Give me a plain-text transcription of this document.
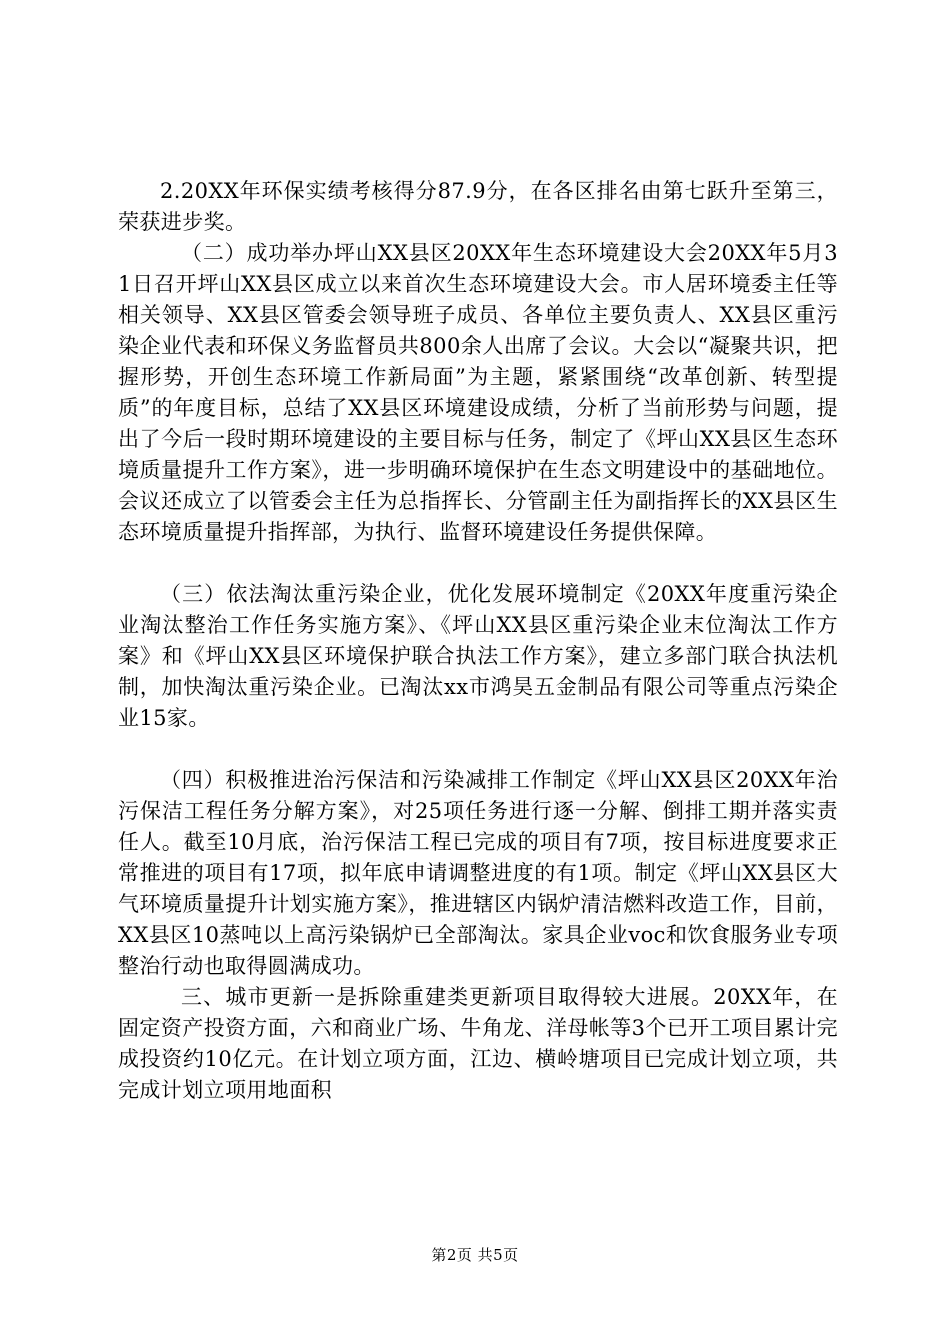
2.20XX年环保实绩考核得分87.9分，在各区排名由第七跃升至第三，荣获进步奖。

（二）成功举办坪山XX县区20XX年生态环境建设大会20XX年5月31日召开坪山XX县区成立以来首次生态环境建设大会。市人居环境委主任等相关领导、XX县区管委会领导班子成员、各单位主要负责人、XX县区重污染企业代表和环保义务监督员共800余人出席了会议。大会以“凝聚共识，把握形势，开创生态环境工作新局面”为主题，紧紧围绕“改革创新、转型提质”的年度目标，总结了XX县区环境建设成绩，分析了当前形势与问题，提出了今后一段时期环境建设的主要目标与任务，制定了《坪山XX县区生态环境质量提升工作方案》，进一步明确环境保护在生态文明建设中的基础地位。会议还成立了以管委会主任为总指挥长、分管副主任为副指挥长的XX县区生态环境质量提升指挥部，为执行、监督环境建设任务提供保障。

（三）依法淘汰重污染企业，优化发展环境制定《20XX年度重污染企业淘汰整治工作任务实施方案》、《坪山XX县区重污染企业末位淘汰工作方案》和《坪山XX县区环境保护联合执法工作方案》，建立多部门联合执法机制，加快淘汰重污染企业。已淘汰xx市鸿昊五金制品有限公司等重点污染企业15家。

（四）积极推进治污保洁和污染减排工作制定《坪山XX县区20XX年治污保洁工程任务分解方案》，对25项任务进行逐一分解、倒排工期并落实责任人。截至10月底，治污保洁工程已完成的项目有7项，按目标进度要求正常推进的项目有17项，拟年底申请调整进度的有1项。制定《坪山XX县区大气环境质量提升计划实施方案》，推进辖区内锅炉清洁燃料改造工作，目前，XX县区10蒸吨以上高污染锅炉已全部淘汰。家具企业voc和饮食服务业专项整治行动也取得圆满成功。

三、城市更新一是拆除重建类更新项目取得较大进展。20XX年，在固定资产投资方面，六和商业广场、牛角龙、洋母帐等3个已开工项目累计完成投资约10亿元。在计划立项方面，江边、横岭塘项目已完成计划立项，共完成计划立项用地面积

第2页 共5页
